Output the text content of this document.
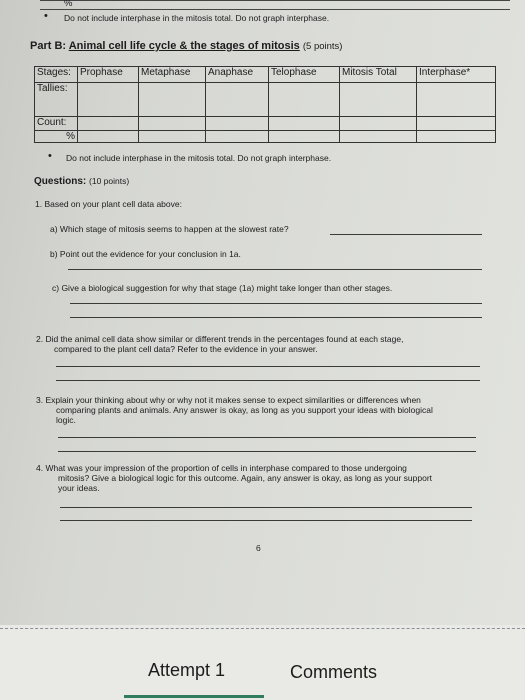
%
• Do not include interphase in the mitosis total. Do not graph interphase.
Part B: Animal cell life cycle & the stages of mitosis (5 points)
Stages:	Prophase	Metaphase	Anaphase	Telophase	Mitosis Total	Interphase*
Tallies:						
Count:						
%						
• Do not include interphase in the mitosis total. Do not graph interphase.
Questions: (10 points)
1. Based on your plant cell data above:
a) Which stage of mitosis seems to happen at the slowest rate?
b) Point out the evidence for your conclusion in 1a.
c) Give a biological suggestion for why that stage (1a) might take longer than other stages.
2. Did the animal cell data show similar or different trends in the percentages found at each stage,
compared to the plant cell data? Refer to the evidence in your answer.
3. Explain your thinking about why or why not it makes sense to expect similarities or differences when
comparing plants and animals. Any answer is okay, as long as you support your ideas with biological
logic.
4. What was your impression of the proportion of cells in interphase compared to those undergoing
mitosis? Give a biological logic for this outcome. Again, any answer is okay, as long as your support
your ideas.
6
Attempt 1	Comments
